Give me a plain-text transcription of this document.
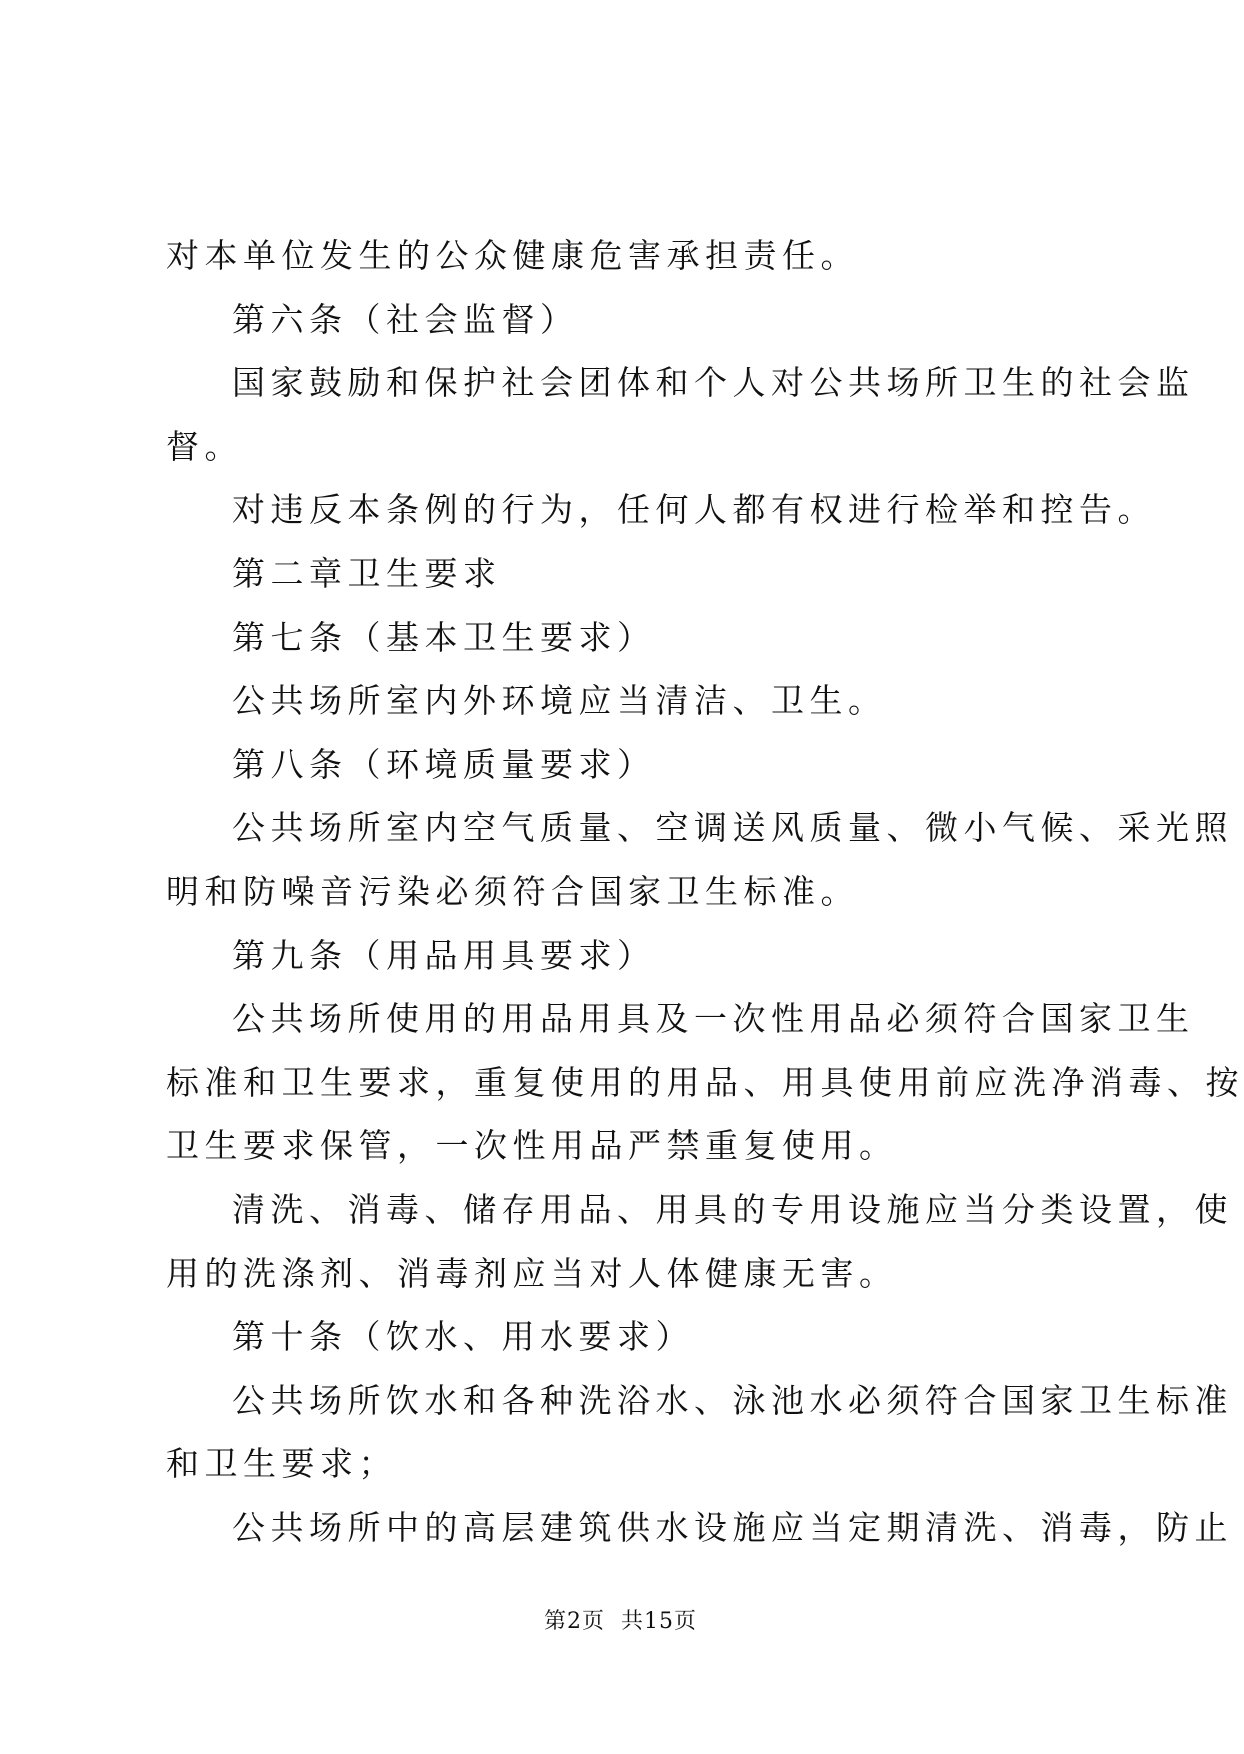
对本单位发生的公众健康危害承担责任。
第六条（社会监督）
国家鼓励和保护社会团体和个人对公共场所卫生的社会监
督。
对违反本条例的行为，任何人都有权进行检举和控告。
第二章卫生要求
第七条（基本卫生要求）
公共场所室内外环境应当清洁、卫生。
第八条（环境质量要求）
公共场所室内空气质量、空调送风质量、微小气候、采光照
明和防噪音污染必须符合国家卫生标准。
第九条（用品用具要求）
公共场所使用的用品用具及一次性用品必须符合国家卫生
标准和卫生要求，重复使用的用品、用具使用前应洗净消毒、按
卫生要求保管，一次性用品严禁重复使用。
清洗、消毒、储存用品、用具的专用设施应当分类设置，使
用的洗涤剂、消毒剂应当对人体健康无害。
第十条（饮水、用水要求）
公共场所饮水和各种洗浴水、泳池水必须符合国家卫生标准
和卫生要求；
公共场所中的高层建筑供水设施应当定期清洗、消毒，防止
第2页  共15页
